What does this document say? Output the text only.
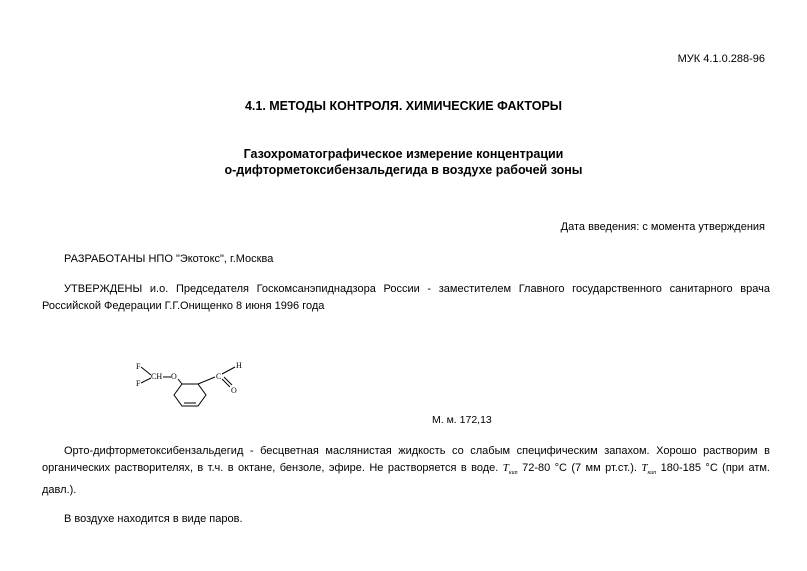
МУК 4.1.0.288-96
4.1. МЕТОДЫ КОНТРОЛЯ. ХИМИЧЕСКИЕ ФАКТОРЫ
Газохроматографическое измерение концентрации
о-дифторметоксибензальдегида в воздухе рабочей зоны
Дата введения: с момента утверждения
РАЗРАБОТАНЫ НПО "Экотокс", г.Москва
УТВЕРЖДЕНЫ и.о. Председателя Госкомсанэпиднадзора России - заместителем Главного государственного санитарного врача Российской Федерации Г.Г.Онищенко 8 июня 1996 года
F
F
CH O	C
H
O
М. м. 172,13
Орто-дифторметоксибензальдегид - бесцветная маслянистая жидкость со слабым специфическим запахом. Хорошо растворим в органических растворителях, в т.ч. в октане, бензоле, эфире. Не растворяется в воде. $T_{кип}$ 72-80 °С (7 мм рт.ст.). $T_{кип}$ 180-185 °С (при атм. давл.).
В воздухе находится в виде паров.
